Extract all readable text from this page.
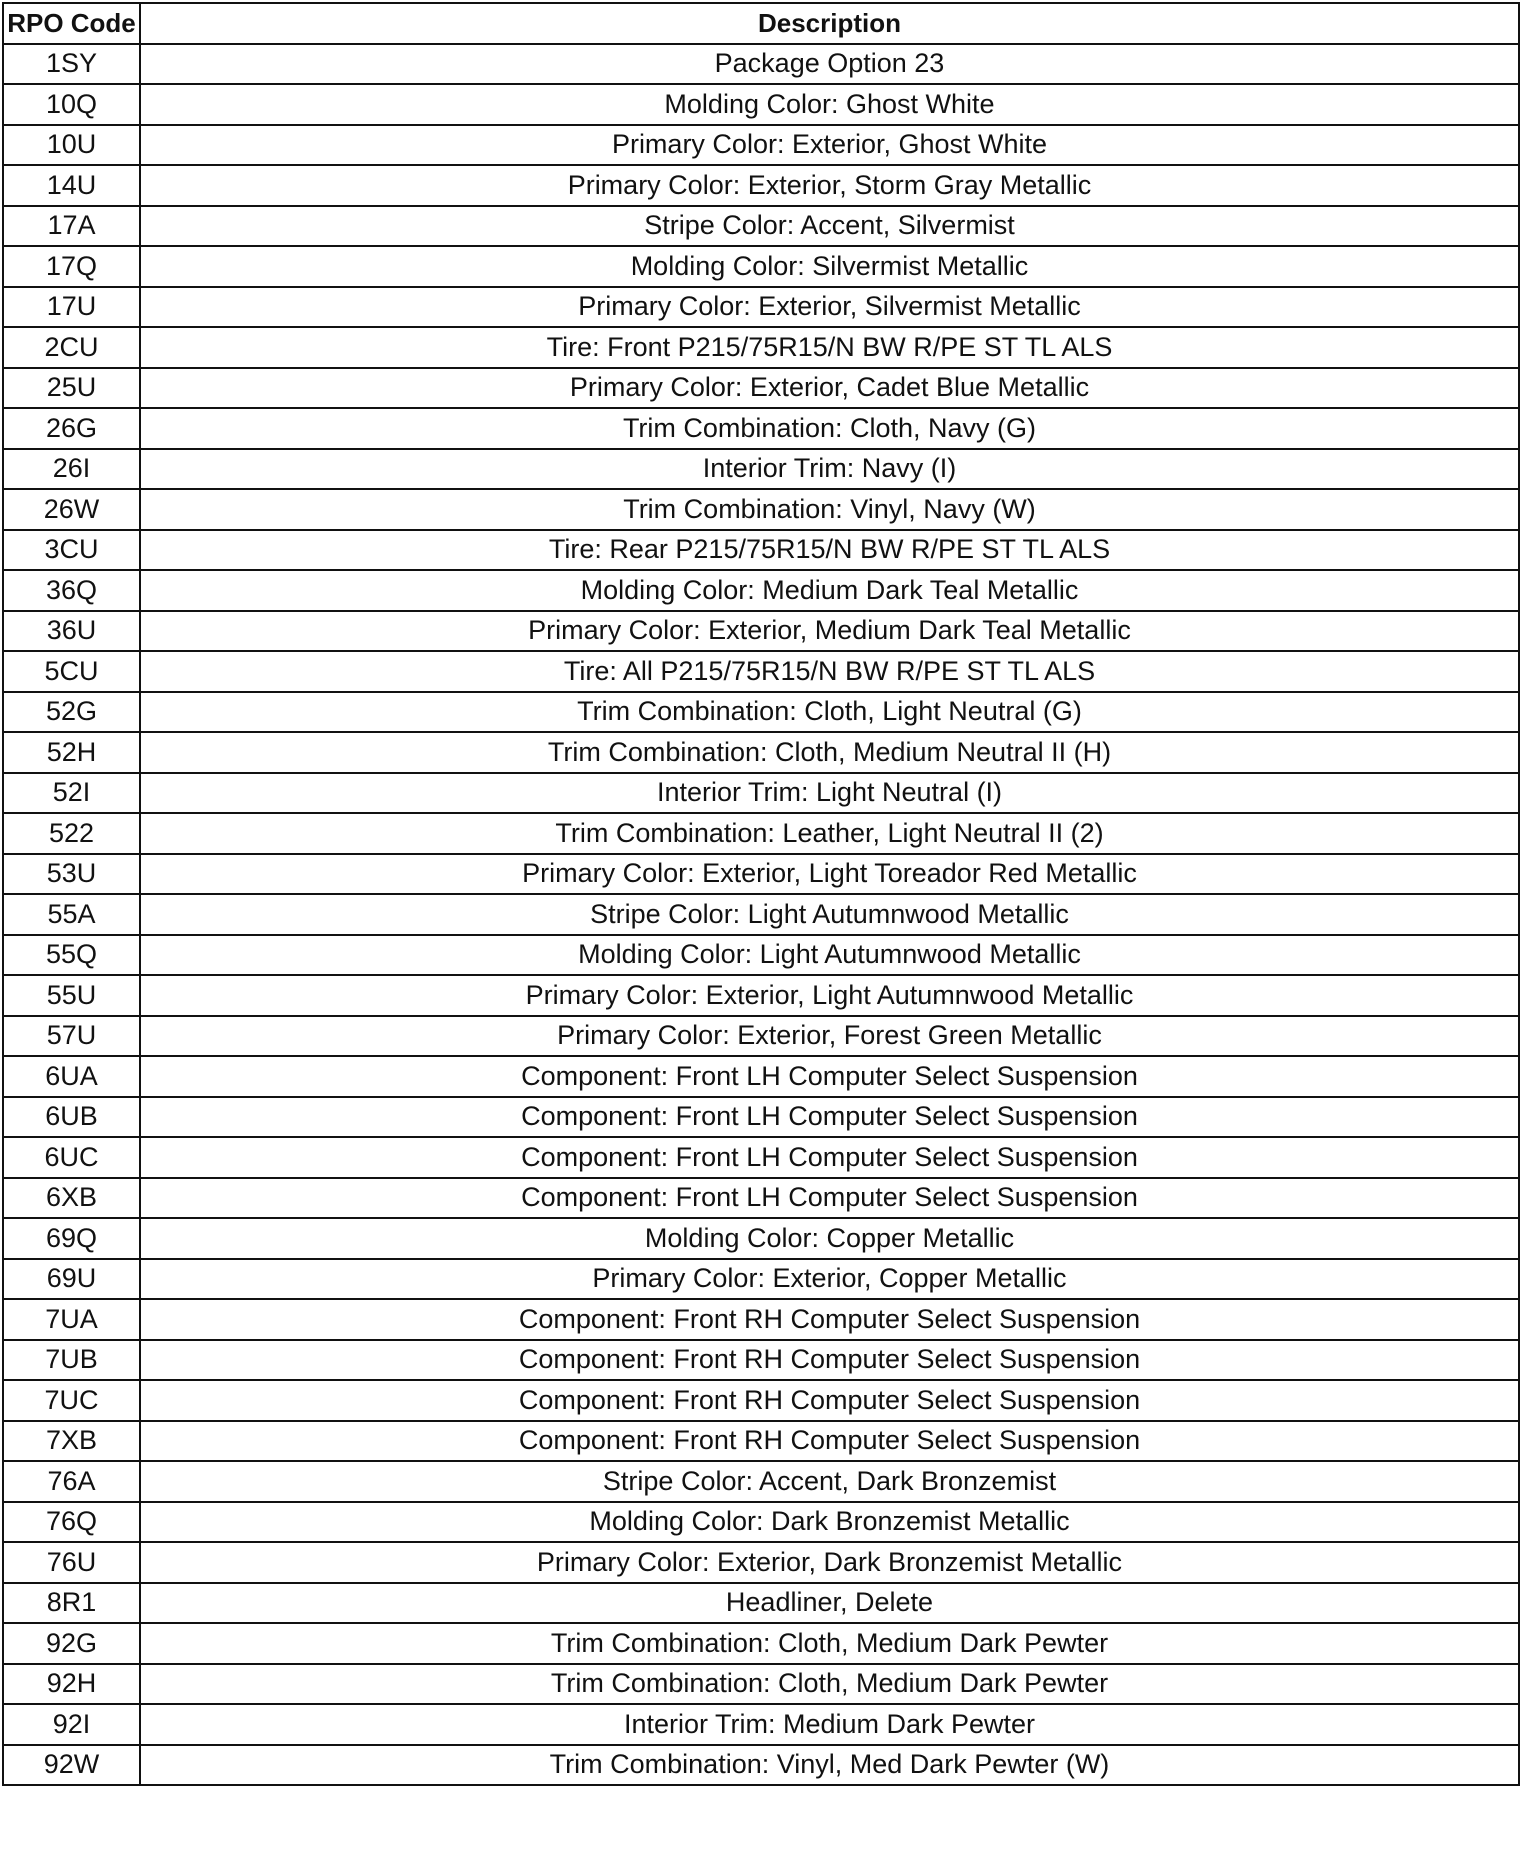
RPO Code	Description
1SY	Package Option 23
10Q	Molding Color: Ghost White
10U	Primary Color: Exterior, Ghost White
14U	Primary Color: Exterior, Storm Gray Metallic
17A	Stripe Color: Accent, Silvermist
17Q	Molding Color: Silvermist Metallic
17U	Primary Color: Exterior, Silvermist Metallic
2CU	Tire: Front P215/75R15/N BW R/PE ST TL ALS
25U	Primary Color: Exterior, Cadet Blue Metallic
26G	Trim Combination: Cloth, Navy (G)
26I	Interior Trim: Navy (I)
26W	Trim Combination: Vinyl, Navy (W)
3CU	Tire: Rear P215/75R15/N BW R/PE ST TL ALS
36Q	Molding Color: Medium Dark Teal Metallic
36U	Primary Color: Exterior, Medium Dark Teal Metallic
5CU	Tire: All P215/75R15/N BW R/PE ST TL ALS
52G	Trim Combination: Cloth, Light Neutral (G)
52H	Trim Combination: Cloth, Medium Neutral II (H)
52I	Interior Trim: Light Neutral (I)
522	Trim Combination: Leather, Light Neutral II (2)
53U	Primary Color: Exterior, Light Toreador Red Metallic
55A	Stripe Color: Light Autumnwood Metallic
55Q	Molding Color: Light Autumnwood Metallic
55U	Primary Color: Exterior, Light Autumnwood Metallic
57U	Primary Color: Exterior, Forest Green Metallic
6UA	Component: Front LH Computer Select Suspension
6UB	Component: Front LH Computer Select Suspension
6UC	Component: Front LH Computer Select Suspension
6XB	Component: Front LH Computer Select Suspension
69Q	Molding Color: Copper Metallic
69U	Primary Color: Exterior, Copper Metallic
7UA	Component: Front RH Computer Select Suspension
7UB	Component: Front RH Computer Select Suspension
7UC	Component: Front RH Computer Select Suspension
7XB	Component: Front RH Computer Select Suspension
76A	Stripe Color: Accent, Dark Bronzemist
76Q	Molding Color: Dark Bronzemist Metallic
76U	Primary Color: Exterior, Dark Bronzemist Metallic
8R1	Headliner, Delete
92G	Trim Combination: Cloth, Medium Dark Pewter
92H	Trim Combination: Cloth, Medium Dark Pewter
92I	Interior Trim: Medium Dark Pewter
92W	Trim Combination: Vinyl, Med Dark Pewter (W)
